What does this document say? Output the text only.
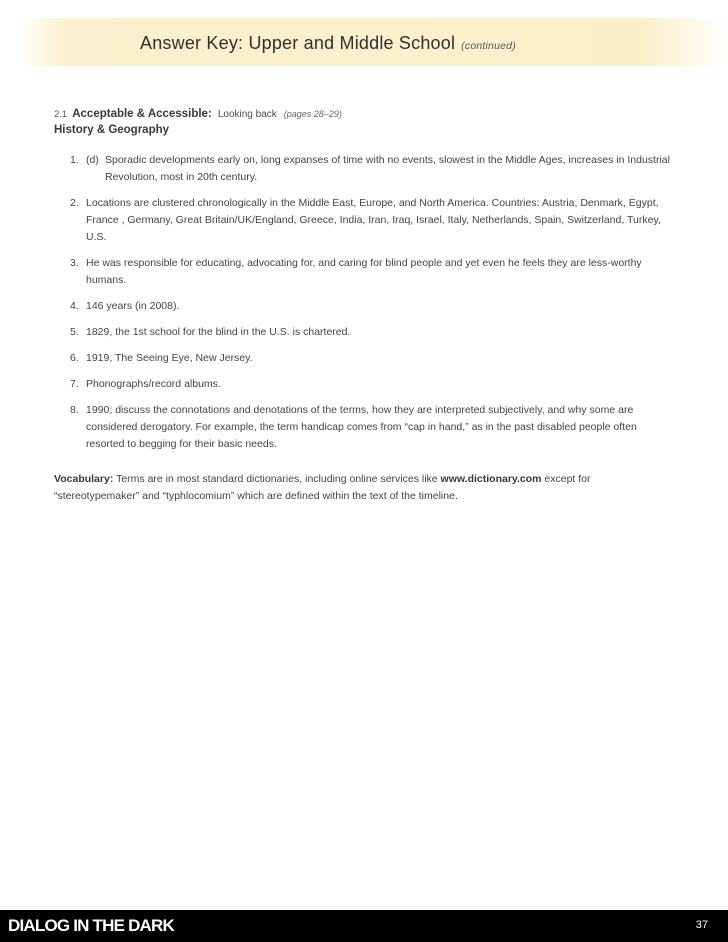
Answer Key: Upper and Middle School (continued)
2.1 Acceptable & Accessible: Looking back (pages 28–29)
History & Geography
1. (d) Sporadic developments early on, long expanses of time with no events, slowest in the Middle Ages, increases in Industrial Revolution, most in 20th century.
2. Locations are clustered chronologically in the Middle East, Europe, and North America. Countries: Austria, Denmark, Egypt, France , Germany, Great Britain/UK/England, Greece, India, Iran, Iraq, Israel, Italy, Netherlands, Spain, Switzerland, Turkey, U.S.
3. He was responsible for educating, advocating for, and caring for blind people and yet even he feels they are less-worthy humans.
4. 146 years (in 2008).
5. 1829, the 1st school for the blind in the U.S. is chartered.
6. 1919, The Seeing Eye, New Jersey.
7. Phonographs/record albums.
8. 1990; discuss the connotations and denotations of the terms, how they are interpreted subjectively, and why some are considered derogatory. For example, the term handicap comes from “cap in hand,” as in the past disabled people often resorted to begging for their basic needs.
Vocabulary: Terms are in most standard dictionaries, including online services like www.dictionary.com except for “stereotypemaker” and “typhlocomium” which are defined within the text of the timeline.
DIALOG IN THE DARK	37
